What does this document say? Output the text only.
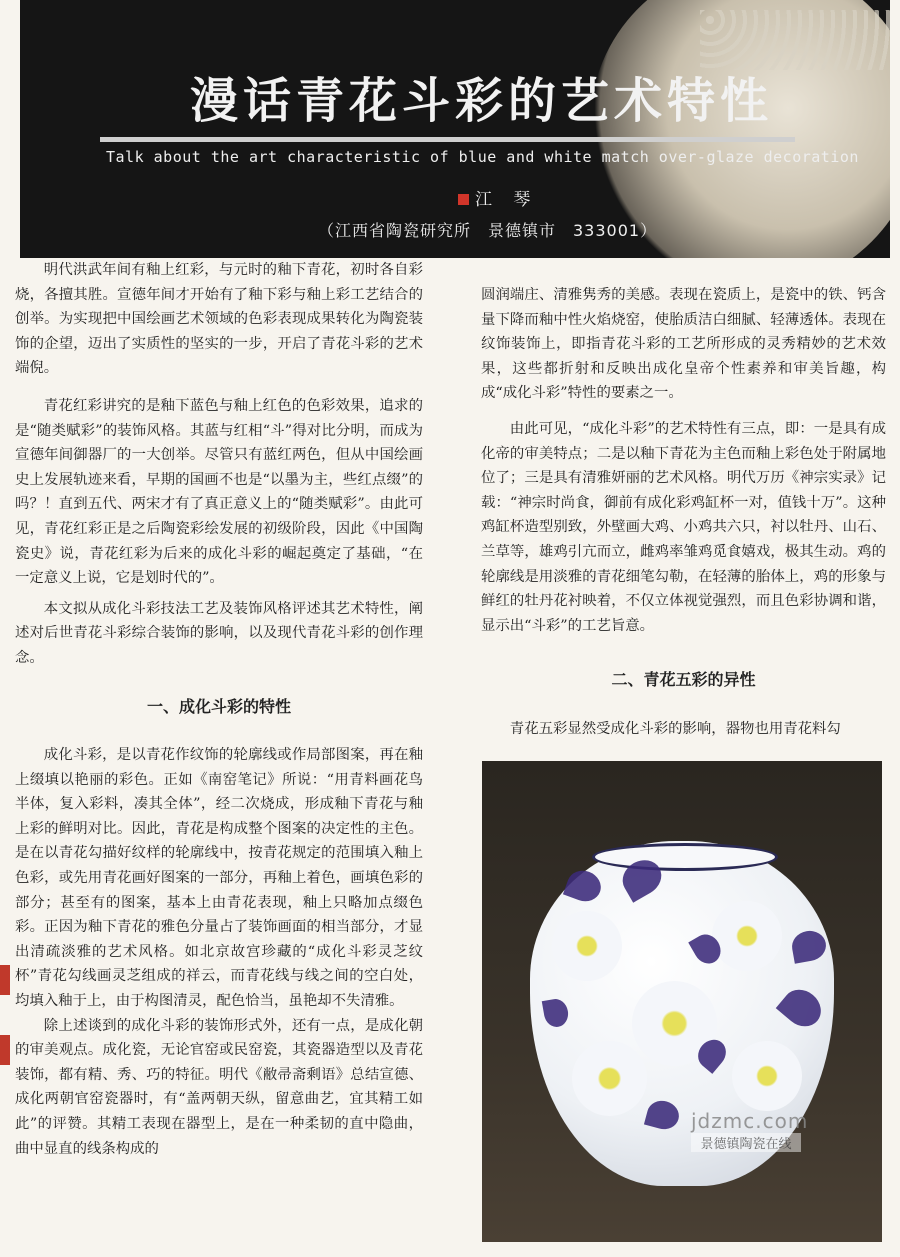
漫话青花斗彩的艺术特性
Talk about the art characteristic of blue and white match over-glaze decoration
江 琴
（江西省陶瓷研究所　景德镇市　333001）

明代洪武年间有釉上红彩，与元时的釉下青花，初时各自彩烧，各擅其胜。宣德年间才开始有了釉下彩与釉上彩工艺结合的创举。为实现把中国绘画艺术领域的色彩表现成果转化为陶瓷装饰的企望，迈出了实质性的坚实的一步，开启了青花斗彩的艺术端倪。

青花红彩讲究的是釉下蓝色与釉上红色的色彩效果，追求的是“随类赋彩”的装饰风格。其蓝与红相“斗”得对比分明，而成为宣德年间御器厂的一大创举。尽管只有蓝红两色，但从中国绘画史上发展轨迹来看，早期的国画不也是“以墨为主，些红点缀”的吗？！直到五代、两宋才有了真正意义上的“随类赋彩”。由此可见，青花红彩正是之后陶瓷彩绘发展的初级阶段，因此《中国陶瓷史》说，青花红彩为后来的成化斗彩的崛起奠定了基础，“在一定意义上说，它是划时代的”。

本文拟从成化斗彩技法工艺及装饰风格评述其艺术特性，阐述对后世青花斗彩综合装饰的影响，以及现代青花斗彩的创作理念。

一、成化斗彩的特性

成化斗彩，是以青花作纹饰的轮廓线或作局部图案，再在釉上缀填以艳丽的彩色。正如《南窑笔记》所说：“用青料画花鸟半体，复入彩料，凑其全体”，经二次烧成，形成釉下青花与釉上彩的鲜明对比。因此，青花是构成整个图案的决定性的主色。是在以青花勾描好纹样的轮廓线中，按青花规定的范围填入釉上色彩，或先用青花画好图案的一部分，再釉上着色，画填色彩的部分；甚至有的图案，基本上由青花表现，釉上只略加点缀色彩。正因为釉下青花的雅色分量占了装饰画面的相当部分，才显出清疏淡雅的艺术风格。如北京故宫珍藏的“成化斗彩灵芝纹杯”青花勾线画灵芝组成的祥云，而青花线与线之间的空白处，均填入釉于上，由于构图清灵，配色恰当，虽艳却不失清雅。

除上述谈到的成化斗彩的装饰形式外，还有一点，是成化朝的审美观点。成化瓷，无论官窑或民窑瓷，其瓷器造型以及青花装饰，都有精、秀、巧的特征。明代《敝帚斋剩语》总结宣德、成化两朝官窑瓷器时，有“盖两朝天纵，留意曲艺，宜其精工如此”的评赞。其精工表现在器型上，是在一种柔韧的直中隐曲，曲中显直的线条构成的

圆润端庄、清雅隽秀的美感。表现在瓷质上，是瓷中的铁、钙含量下降而釉中性火焰烧窑，使胎质洁白细腻、轻薄透体。表现在纹饰装饰上，即指青花斗彩的工艺所形成的灵秀精妙的艺术效果，这些都折射和反映出成化皇帝个性素养和审美旨趣，构成“成化斗彩”特性的要素之一。

由此可见，“成化斗彩”的艺术特性有三点，即：一是具有成化帝的审美特点；二是以釉下青花为主色而釉上彩色处于附属地位了；三是具有清雅妍丽的艺术风格。明代万历《神宗实录》记载：“神宗时尚食，御前有成化彩鸡缸杯一对，值钱十万”。这种鸡缸杯造型别致，外壁画大鸡、小鸡共六只，衬以牡丹、山石、兰草等，雄鸡引亢而立，雌鸡率雏鸡觅食嬉戏，极其生动。鸡的轮廓线是用淡雅的青花细笔勾勒，在轻薄的胎体上，鸡的形象与鲜红的牡丹花衬映着，不仅立体视觉强烈，而且色彩协调和谐，显示出“斗彩”的工艺旨意。

二、青花五彩的异性

青花五彩显然受成化斗彩的影响，器物也用青花料勾

jdzmc.com
景德镇陶瓷在线
